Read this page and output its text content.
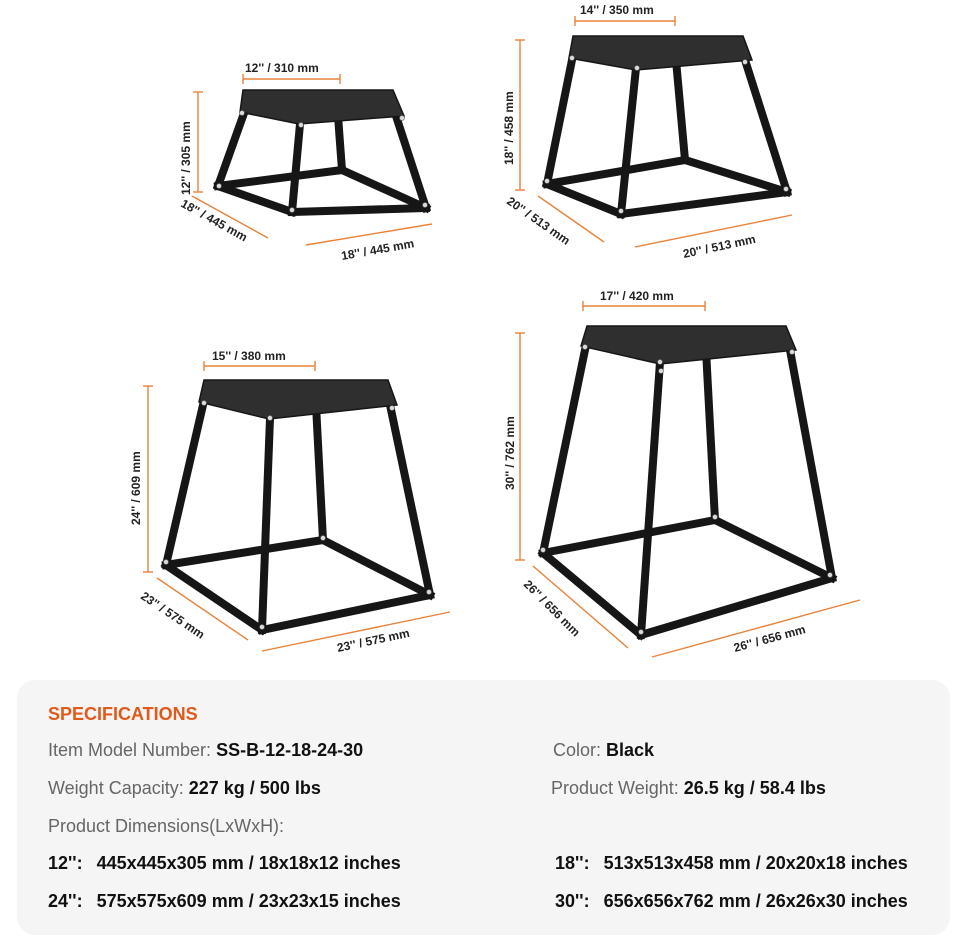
12'' / 310 mm
12'' / 305 mm
18'' / 445 mm
18'' / 445 mm
14'' / 350 mm
18'' / 458 mm
20'' / 513 mm	20'' / 513 mm
15'' / 380 mm
24'' / 609 mm
23'' / 575 mm	23'' / 575 mm
17'' / 420 mm
30'' / 762 mm
26'' / 656 mm	26'' / 656 mm
SPECIFICATIONS
Item Model Number: SS-B-12-18-24-30	Color: Black
Weight Capacity: 227 kg / 500 lbs	Product Weight: 26.5 kg / 58.4 lbs
Product Dimensions(LxWxH):
12'': 445x445x305 mm / 18x18x12 inches	18'': 513x513x458 mm / 20x20x18 inches
24'': 575x575x609 mm / 23x23x15 inches	30'': 656x656x762 mm / 26x26x30 inches
